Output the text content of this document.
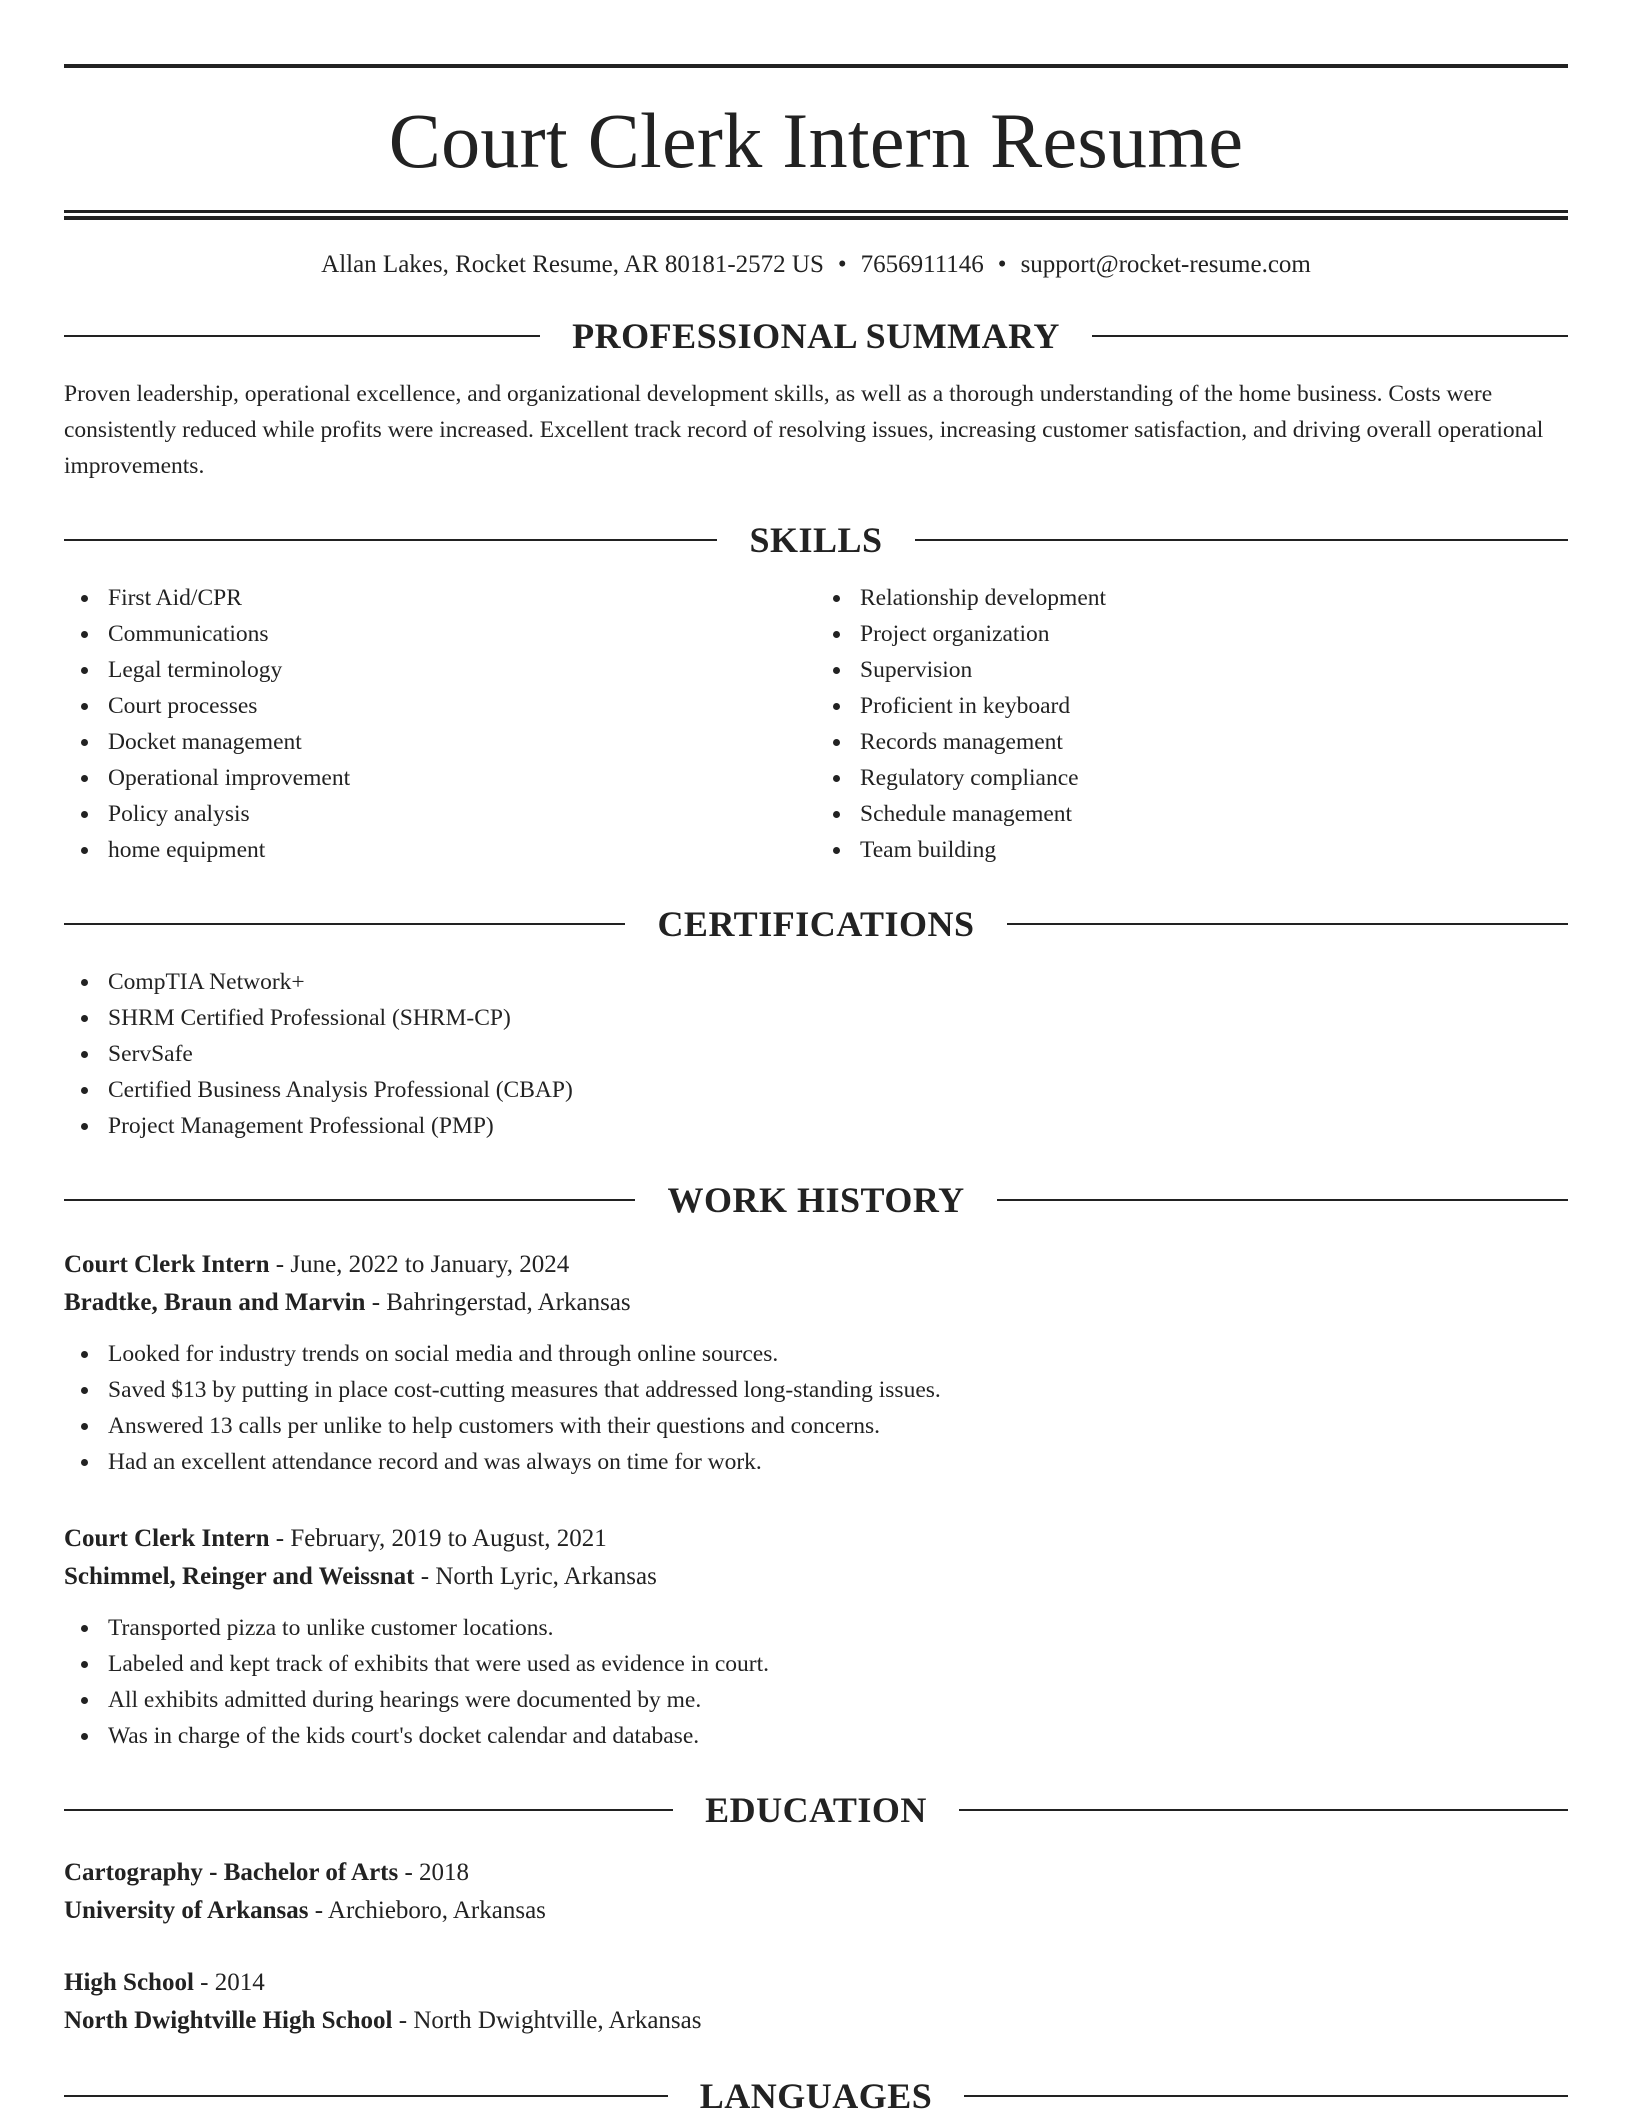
Court Clerk Intern Resume
Allan Lakes, Rocket Resume, AR 80181-2572 US • 7656911146 • support@rocket-resume.com
PROFESSIONAL SUMMARY

Proven leadership, operational excellence, and organizational development skills, as well as a thorough understanding of the home business. Costs were consistently reduced while profits were increased. Excellent track record of resolving issues, increasing customer satisfaction, and driving overall operational improvements.

SKILLS
First Aid/CPR
Communications
Legal terminology
Court processes
Docket management
Operational improvement
Policy analysis
home equipment
Relationship development
Project organization
Supervision
Proficient in keyboard
Records management
Regulatory compliance
Schedule management
Team building
CERTIFICATIONS
CompTIA Network+
SHRM Certified Professional (SHRM-CP)
ServSafe
Certified Business Analysis Professional (CBAP)
Project Management Professional (PMP)
WORK HISTORY
Court Clerk Intern - June, 2022 to January, 2024
Bradtke, Braun and Marvin - Bahringerstad, Arkansas
Looked for industry trends on social media and through online sources.
Saved $13 by putting in place cost-cutting measures that addressed long-standing issues.
Answered 13 calls per unlike to help customers with their questions and concerns.
Had an excellent attendance record and was always on time for work.
Court Clerk Intern - February, 2019 to August, 2021
Schimmel, Reinger and Weissnat - North Lyric, Arkansas
Transported pizza to unlike customer locations.
Labeled and kept track of exhibits that were used as evidence in court.
All exhibits admitted during hearings were documented by me.
Was in charge of the kids court's docket calendar and database.
EDUCATION
Cartography - Bachelor of Arts - 2018
University of Arkansas - Archieboro, Arkansas
High School - 2014
North Dwightville High School - North Dwightville, Arkansas
LANGUAGES
